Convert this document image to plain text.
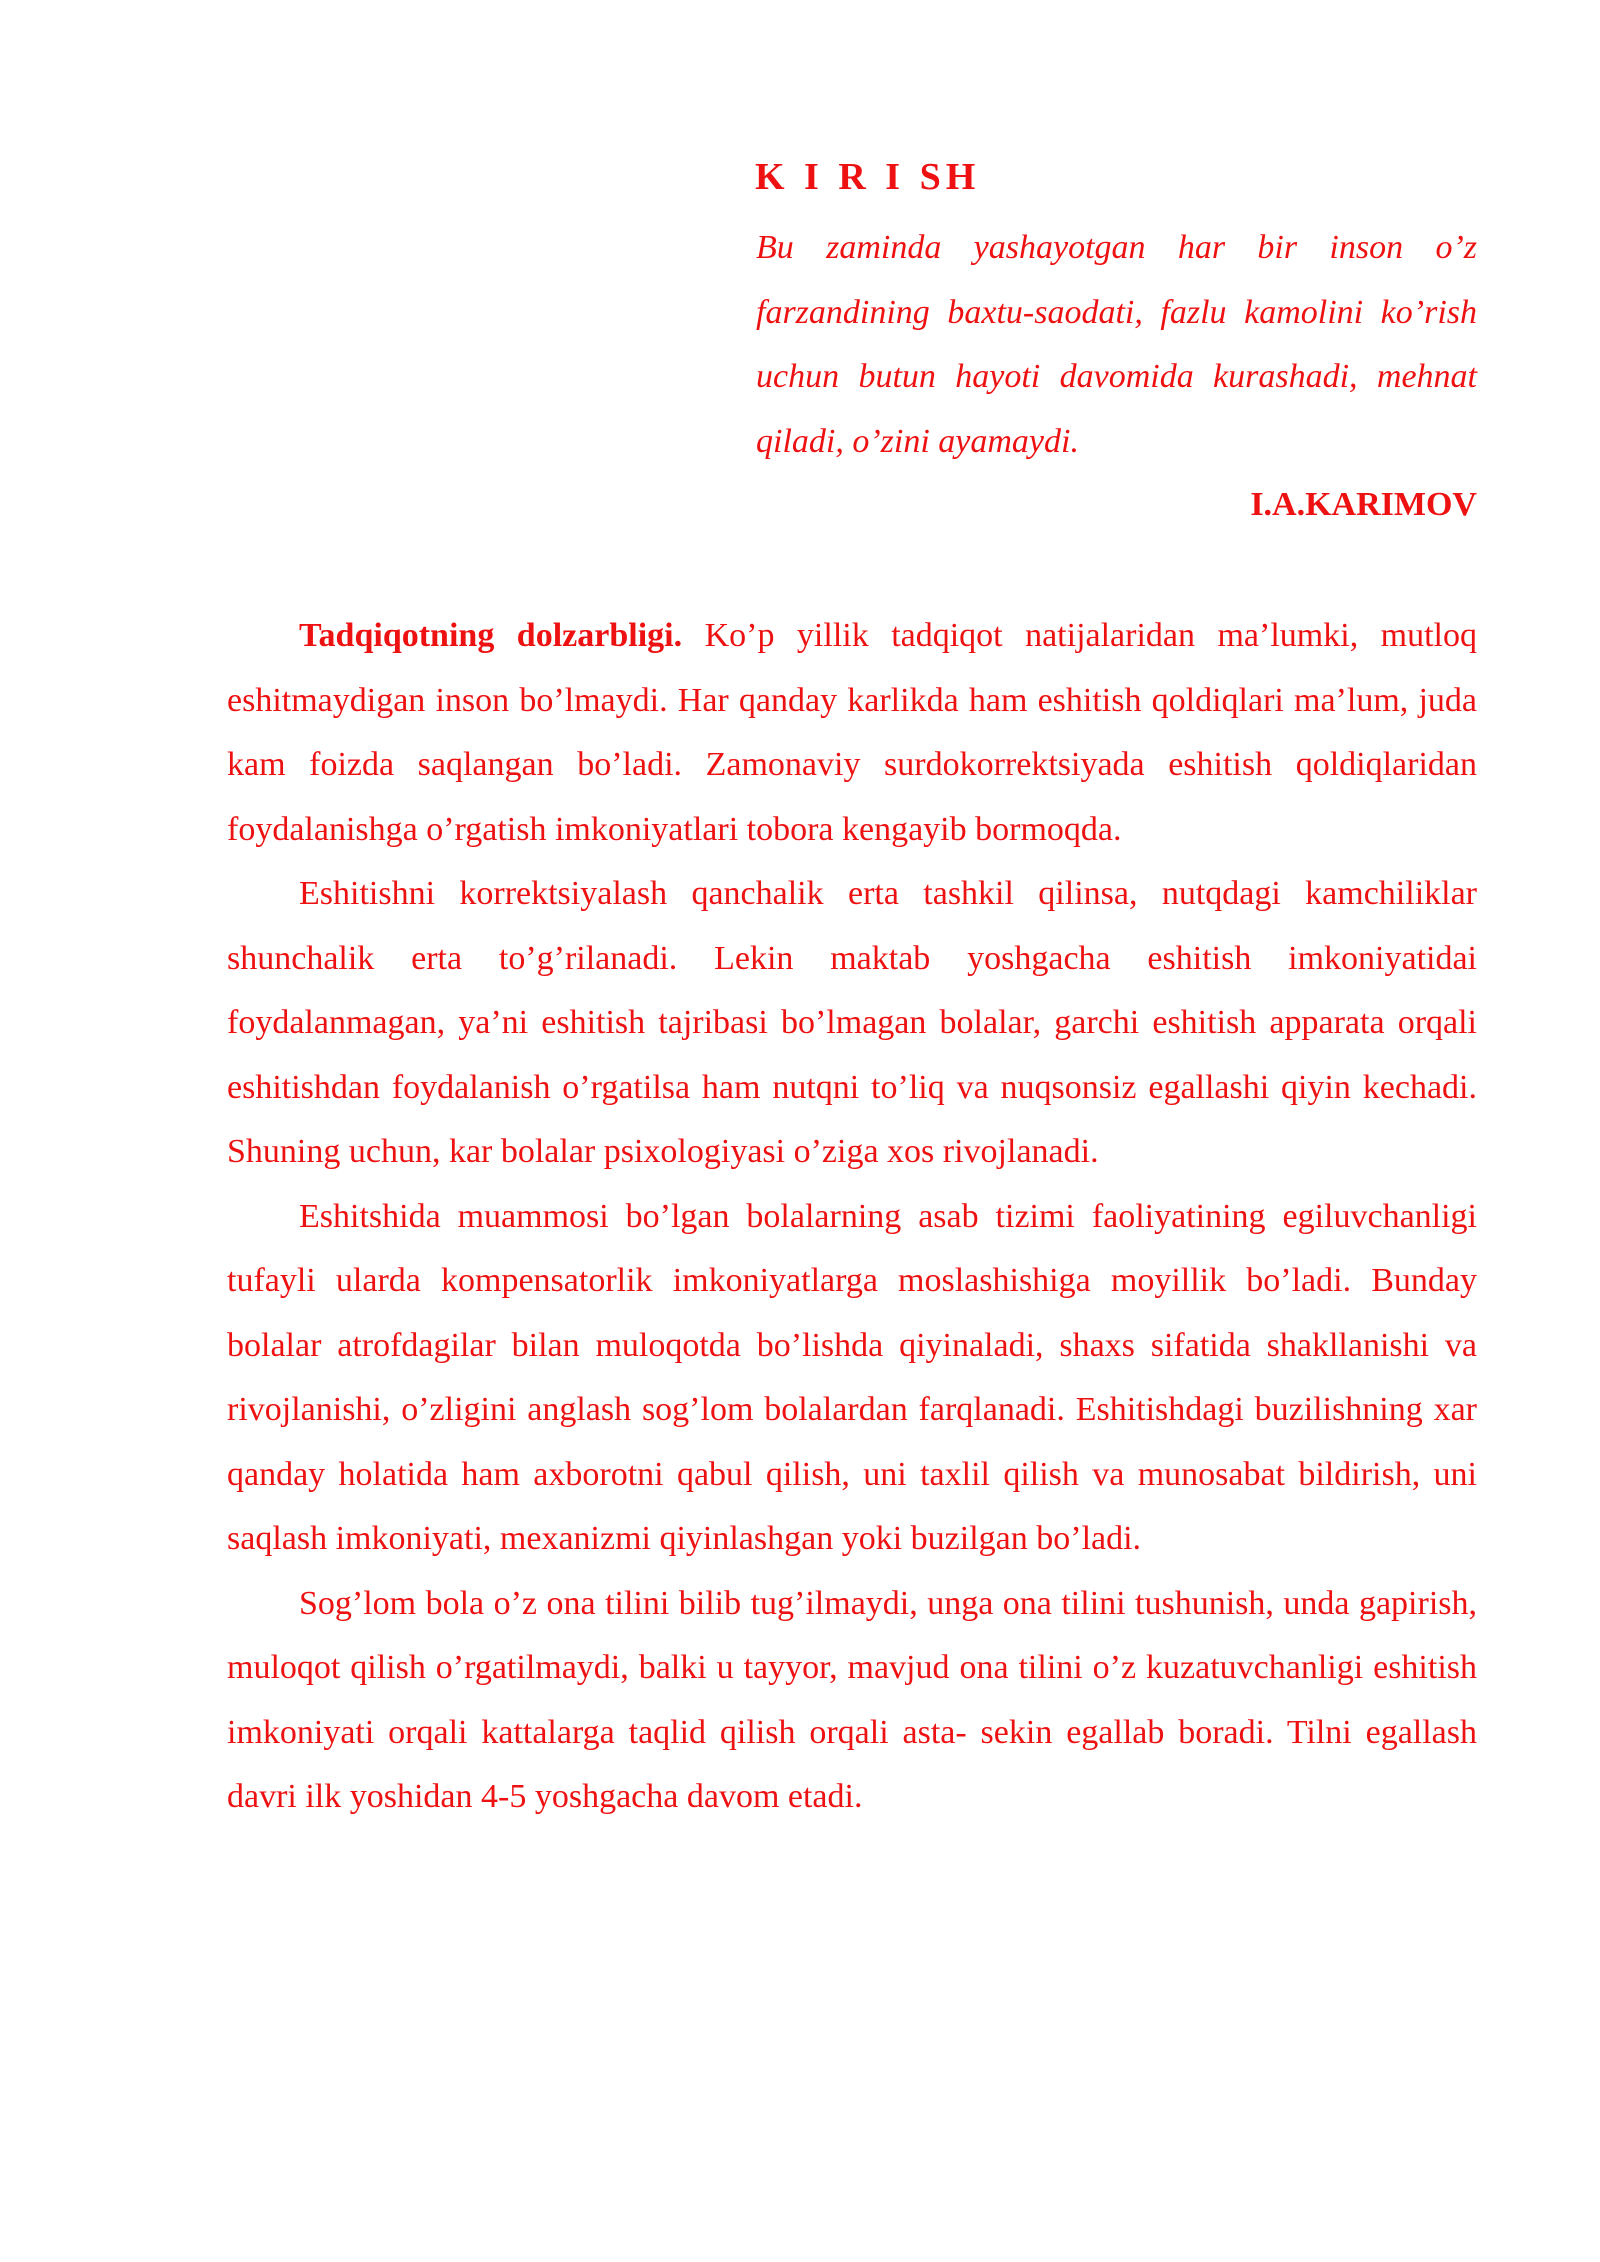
K I R I SH

Bu zaminda yashayotgan har bir inson o’z farzandining baxtu-saodati, fazlu kamolini ko’rish uchun butun hayoti davomida kurashadi, mehnat qiladi, o’zini ayamaydi.

I.A.KARIMOV

Tadqiqotning dolzarbligi. Ko’p yillik tadqiqot natijalaridan ma’lumki, mutloq eshitmaydigan inson bo’lmaydi. Har qanday karlikda ham eshitish qoldiqlari ma’lum, juda kam foizda saqlangan bo’ladi. Zamonaviy surdokorrektsiyada eshitish qoldiqlaridan foydalanishga o’rgatish imkoniyatlari tobora kengayib bormoqda.

Eshitishni korrektsiyalash qanchalik erta tashkil qilinsa, nutqdagi kamchiliklar shunchalik erta to’g’rilanadi. Lekin maktab yoshgacha eshitish imkoniyatidai foydalanmagan, ya’ni eshitish tajribasi bo’lmagan bolalar, garchi eshitish apparata orqali eshitishdan foydalanish o’rgatilsa ham nutqni to’liq va nuqsonsiz egallashi qiyin kechadi. Shuning uchun, kar bolalar psixologiyasi o’ziga xos rivojlanadi.

Eshitshida muammosi bo’lgan bolalarning asab tizimi faoliyatining egiluvchanligi tufayli ularda kompensatorlik imkoniyatlarga moslashishiga moyillik bo’ladi. Bunday bolalar atrofdagilar bilan muloqotda bo’lishda qiyinaladi, shaxs sifatida shakllanishi va rivojlanishi, o’zligini anglash sog’lom bolalardan farqlanadi. Eshitishdagi buzilishning xar qanday holatida ham axborotni qabul qilish, uni taxlil qilish va munosabat bildirish, uni saqlash imkoniyati, mexanizmi qiyinlashgan yoki buzilgan bo’ladi.

Sog’lom bola o’z ona tilini bilib tug’ilmaydi, unga ona tilini tushunish, unda gapirish, muloqot qilish o’rgatilmaydi, balki u tayyor, mavjud ona tilini o’z kuzatuvchanligi eshitish imkoniyati orqali kattalarga taqlid qilish orqali asta- sekin egallab boradi. Tilni egallash davri ilk yoshidan 4-5 yoshgacha davom etadi.
